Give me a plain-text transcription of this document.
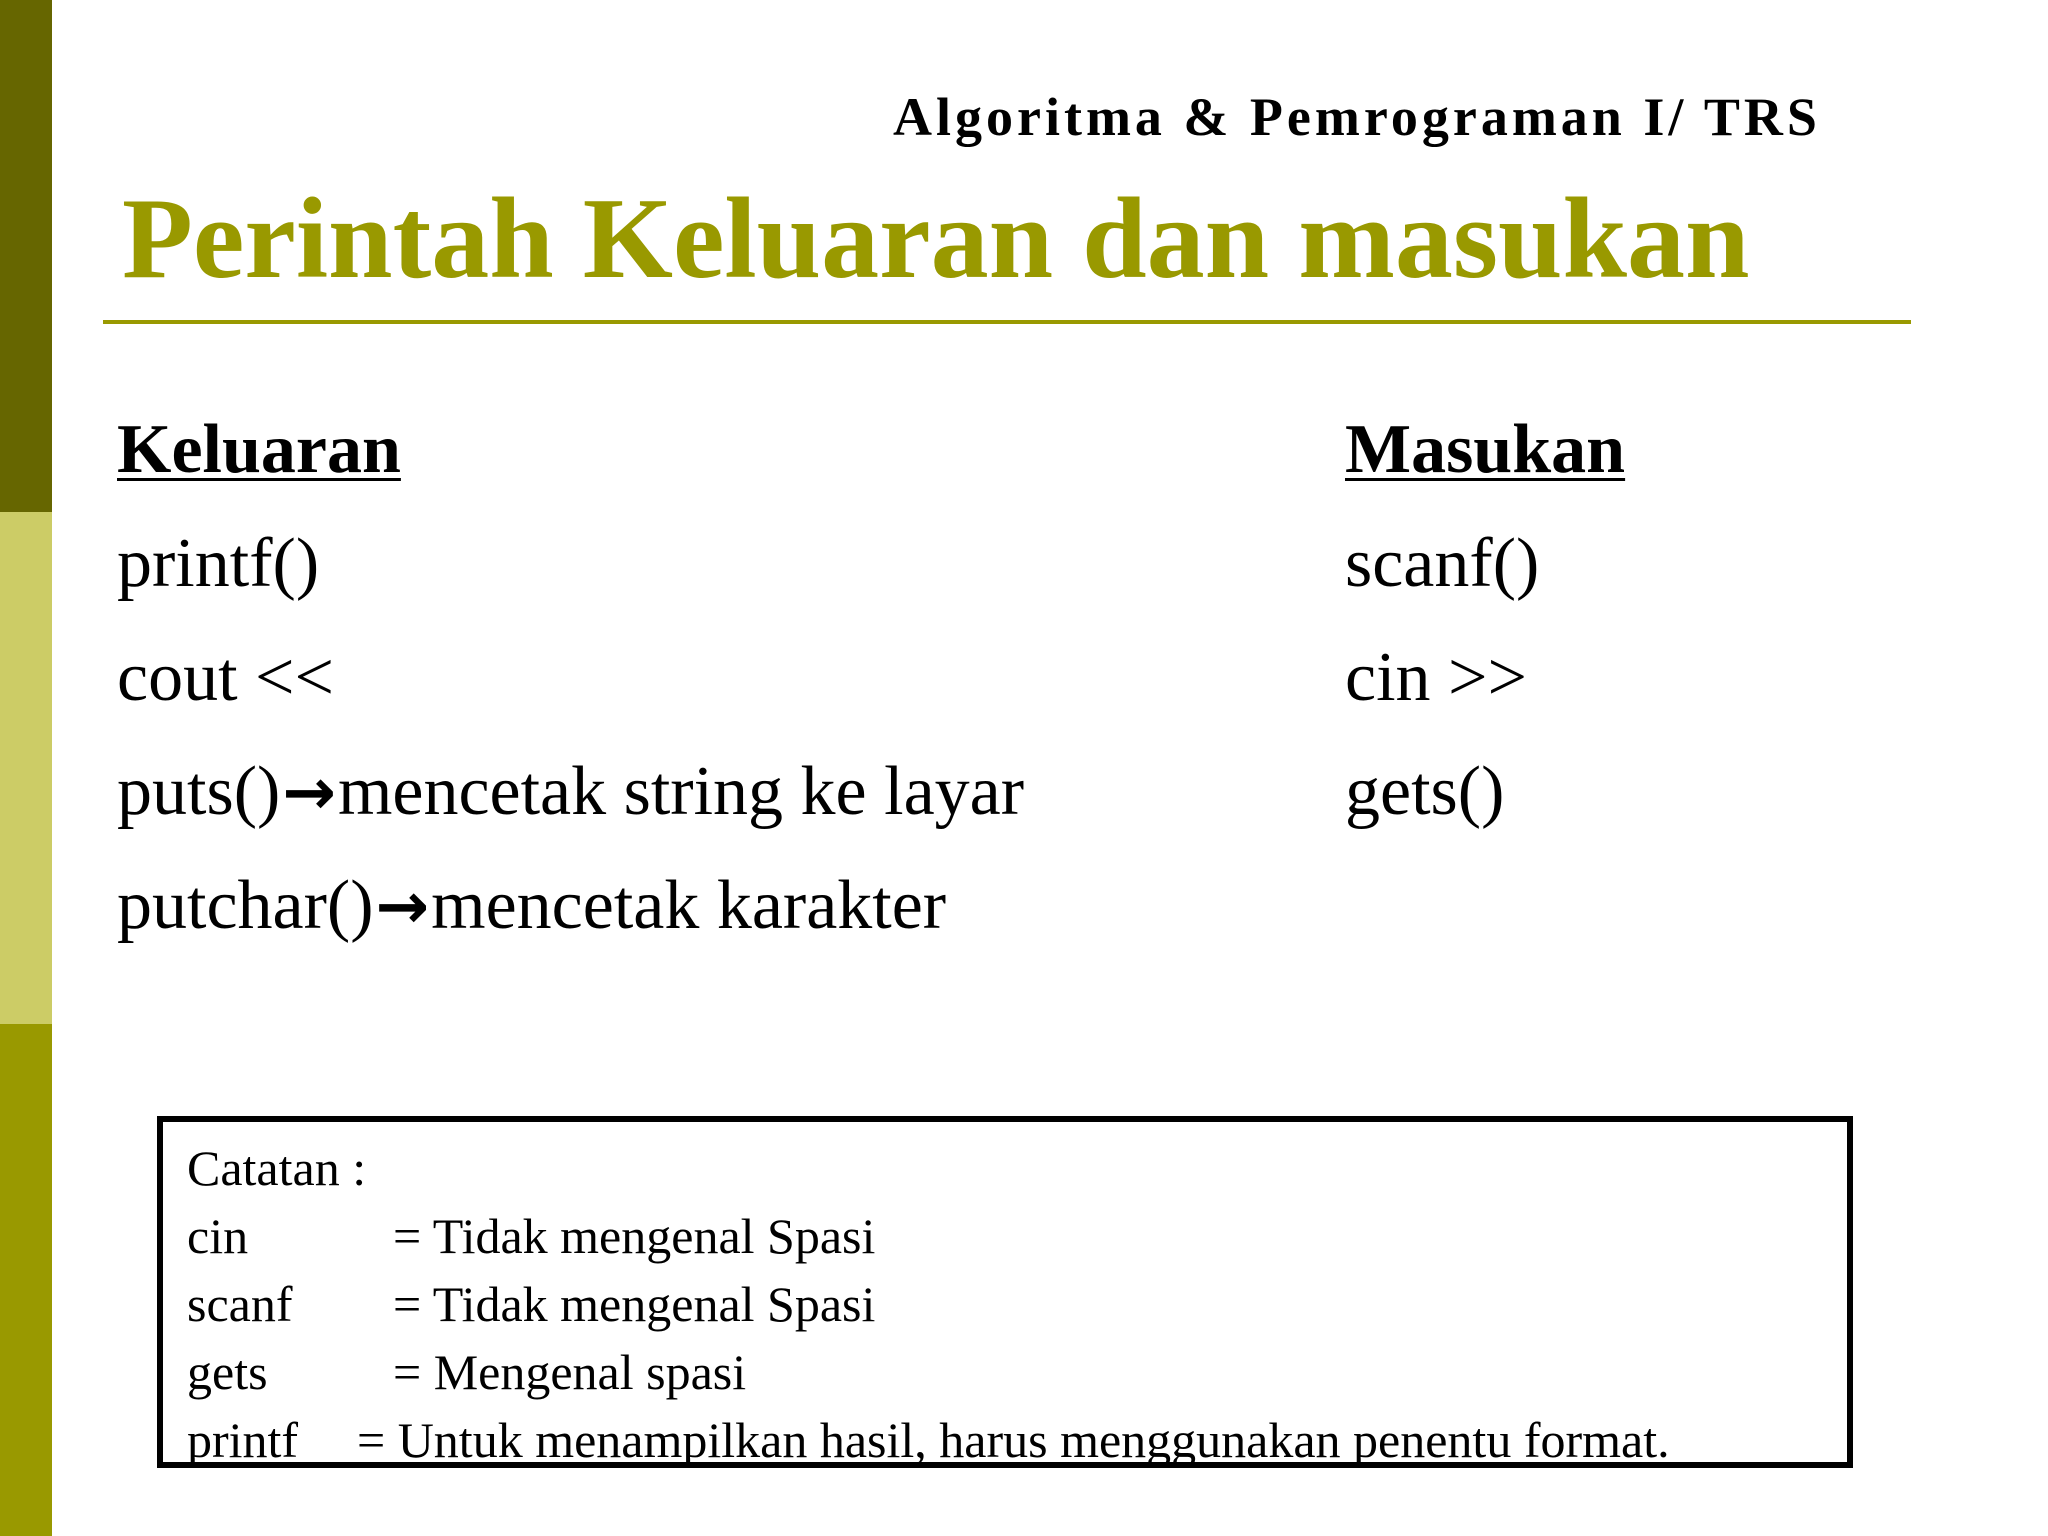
Algoritma & Pemrograman I/ TRS
Perintah Keluaran dan masukan
Keluaran
printf()
cout <<
puts()→mencetak string ke layar
putchar()→mencetak karakter
Masukan
scanf()
cin >>
gets()
Catatan :
cin	= Tidak mengenal Spasi
scanf = Tidak mengenal Spasi
gets	= Mengenal spasi
printf = Untuk menampilkan hasil, harus menggunakan penentu format.
